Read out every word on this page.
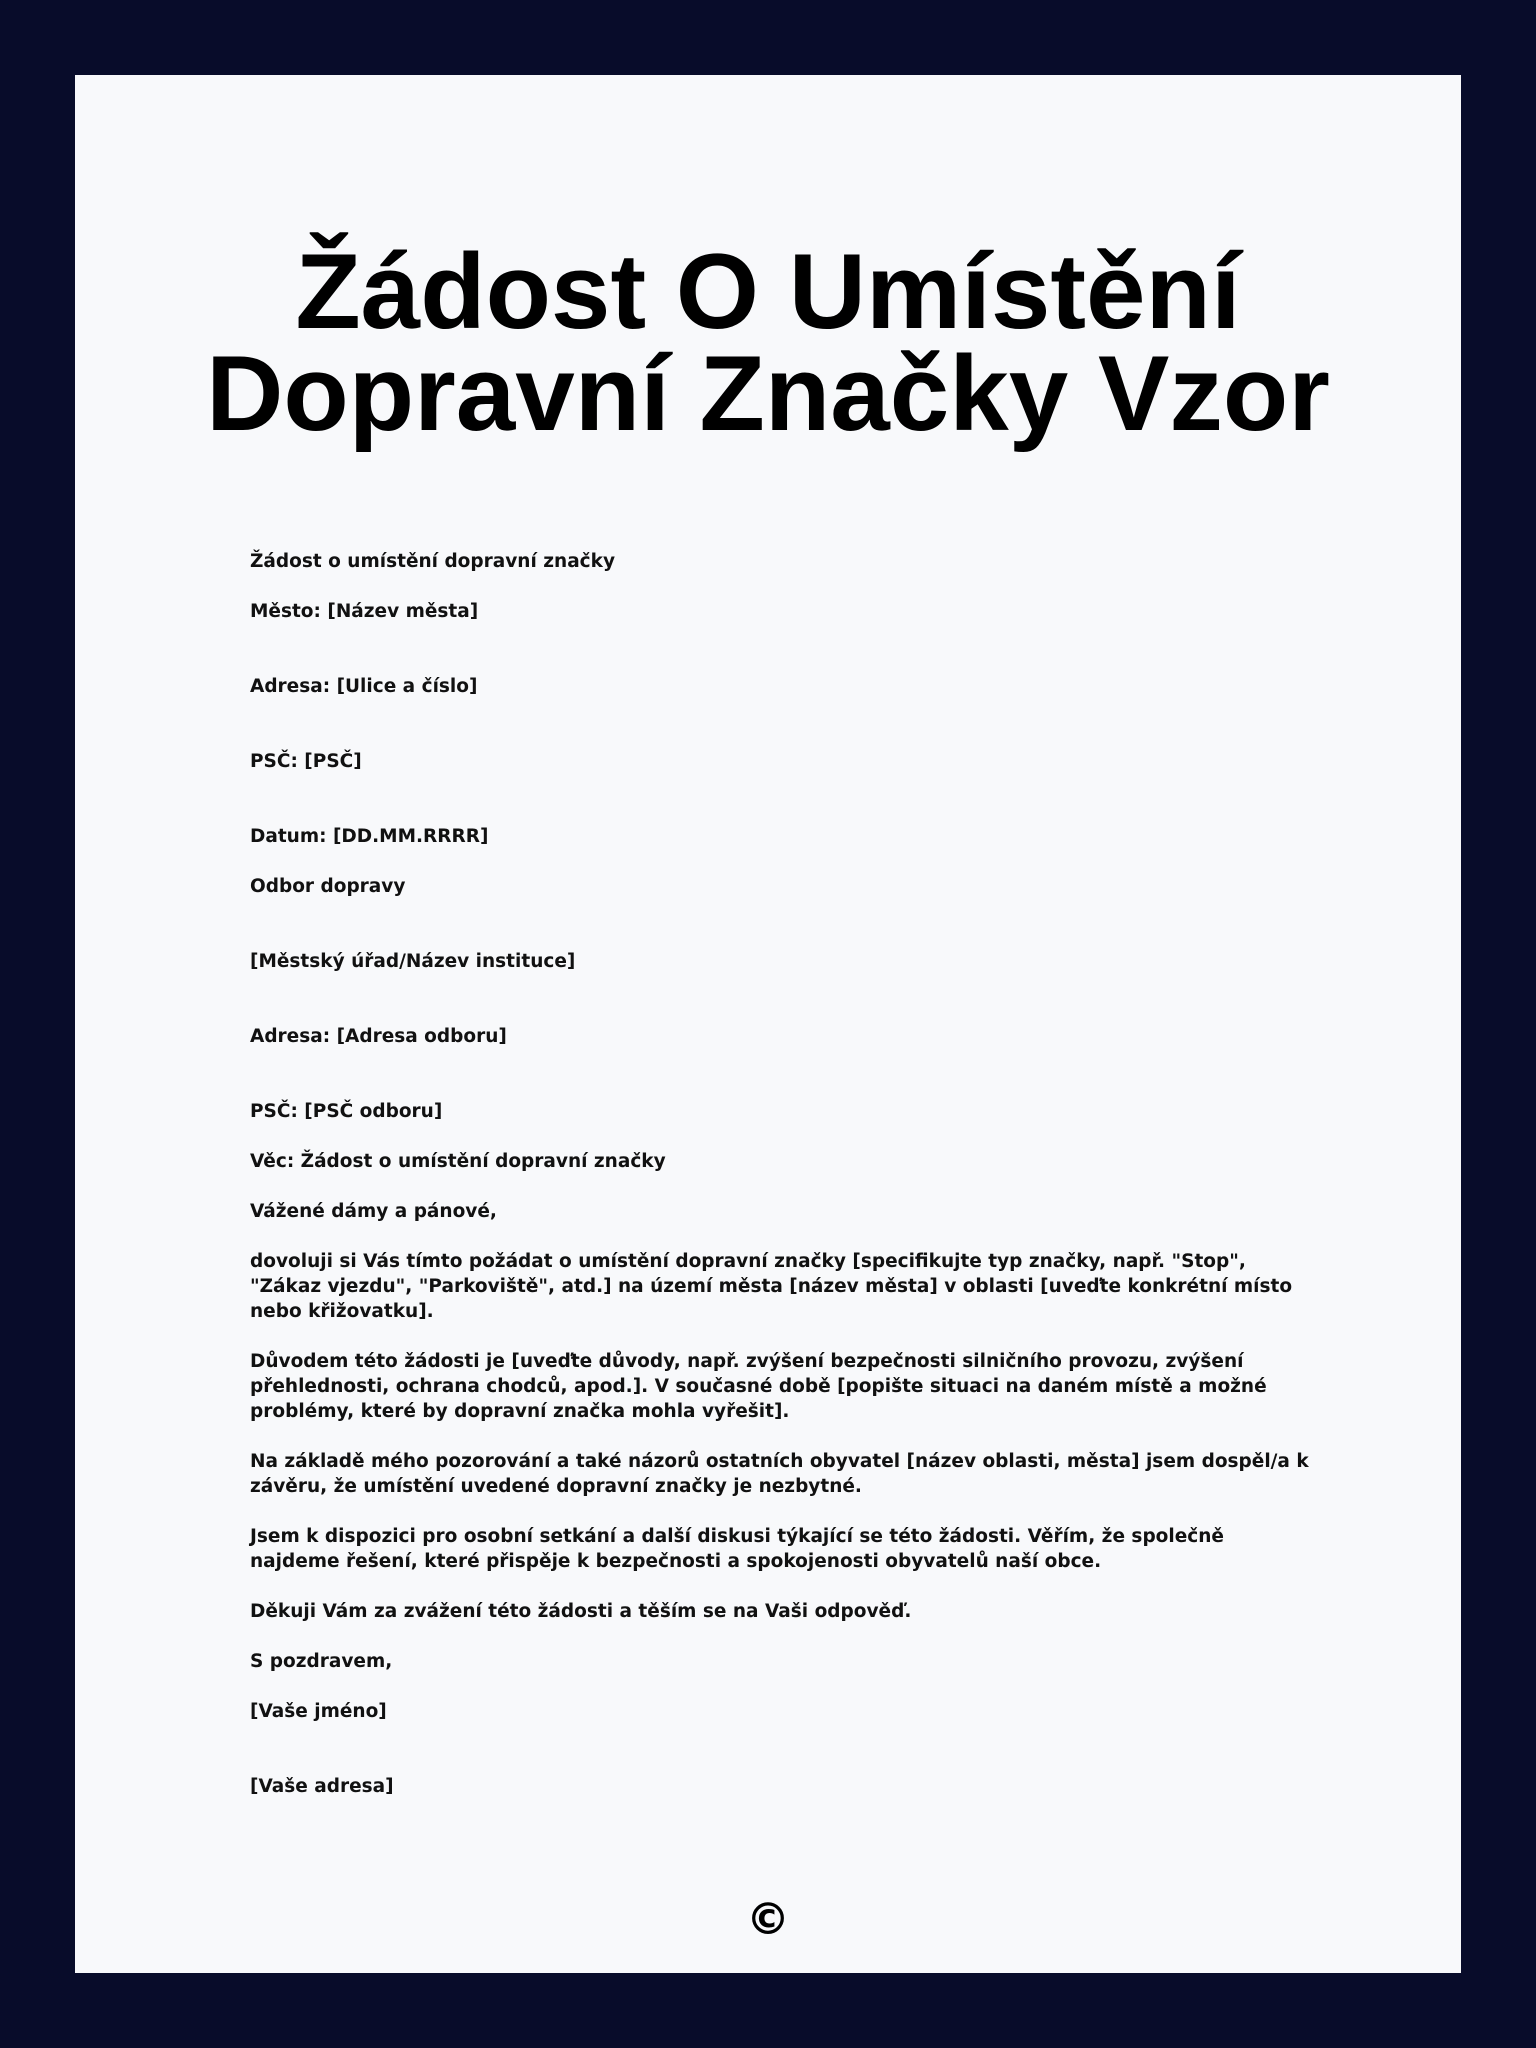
Žádost O Umístění Dopravní Značky Vzor

Žádost o umístění dopravní značky

Město: [Název města]

Adresa: [Ulice a číslo]

PSČ: [PSČ]

Datum: [DD.MM.RRRR]

Odbor dopravy

[Městský úřad/Název instituce]

Adresa: [Adresa odboru]

PSČ: [PSČ odboru]

Věc: Žádost o umístění dopravní značky

Vážené dámy a pánové,

dovoluji si Vás tímto požádat o umístění dopravní značky [specifikujte typ značky, např. "Stop", "Zákaz vjezdu", "Parkoviště", atd.] na území města [název města] v oblasti [uveďte konkrétní místo nebo křižovatku].

Důvodem této žádosti je [uveďte důvody, např. zvýšení bezpečnosti silničního provozu, zvýšení přehlednosti, ochrana chodců, apod.]. V současné době [popište situaci na daném místě a možné problémy, které by dopravní značka mohla vyřešit].

Na základě mého pozorování a také názorů ostatních obyvatel [název oblasti, města] jsem dospěl/a k závěru, že umístění uvedené dopravní značky je nezbytné.

Jsem k dispozici pro osobní setkání a další diskusi týkající se této žádosti. Věřím, že společně najdeme řešení, které přispěje k bezpečnosti a spokojenosti obyvatelů naší obce.

Děkuji Vám za zvážení této žádosti a těším se na Vaši odpověď.

S pozdravem,

[Vaše jméno]

[Vaše adresa]

©
